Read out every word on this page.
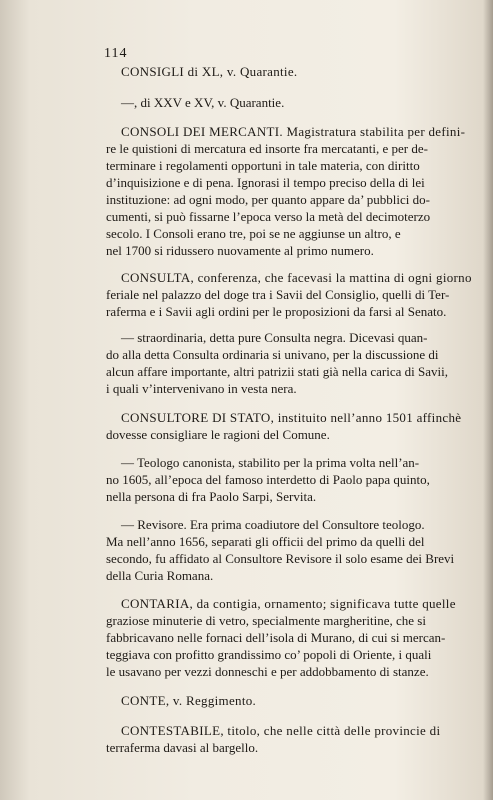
114
CONSIGLI di XL, v. Quarantie.
—, di XXV e XV, v. Quarantie.
CONSOLI DEI MERCANTI. Magistratura stabilita per defini-
re le quistioni di mercatura ed insorte fra mercatanti, e per de-
terminare i regolamenti opportuni in tale materia, con diritto
d’inquisizione e di pena. Ignorasi il tempo preciso della di lei
instituzione: ad ogni modo, per quanto appare da’ pubblici do-
cumenti, si può fissarne l’epoca verso la metà del decimoterzo
secolo. I Consoli erano tre, poi se ne aggiunse un altro, e
nel 1700 si ridussero nuovamente al primo numero.
CONSULTA, conferenza, che facevasi la mattina di ogni giorno
feriale nel palazzo del doge tra i Savii del Consiglio, quelli di Ter-
raferma e i Savii agli ordini per le proposizioni da farsi al Senato.
— straordinaria, detta pure Consulta negra. Dicevasi quan-
do alla detta Consulta ordinaria si univano, per la discussione di
alcun affare importante, altri patrizii stati già nella carica di Savii,
i quali v’intervenivano in vesta nera.
CONSULTORE DI STATO, instituito nell’anno 1501 affinchè
dovesse consigliare le ragioni del Comune.
— Teologo canonista, stabilito per la prima volta nell’an-
no 1605, all’epoca del famoso interdetto di Paolo papa quinto,
nella persona di fra Paolo Sarpi, Servita.
— Revisore. Era prima coadiutore del Consultore teologo.
Ma nell’anno 1656, separati gli officii del primo da quelli del
secondo, fu affidato al Consultore Revisore il solo esame dei Brevi
della Curia Romana.
CONTARIA, da contigia, ornamento; significava tutte quelle
graziose minuterie di vetro, specialmente margheritine, che si
fabbricavano nelle fornaci dell’isola di Murano, di cui si mercan-
teggiava con profitto grandissimo co’ popoli di Oriente, i quali
le usavano per vezzi donneschi e per addobbamento di stanze.
CONTE, v. Reggimento.
CONTESTABILE, titolo, che nelle città delle provincie di
terraferma davasi al bargello.
